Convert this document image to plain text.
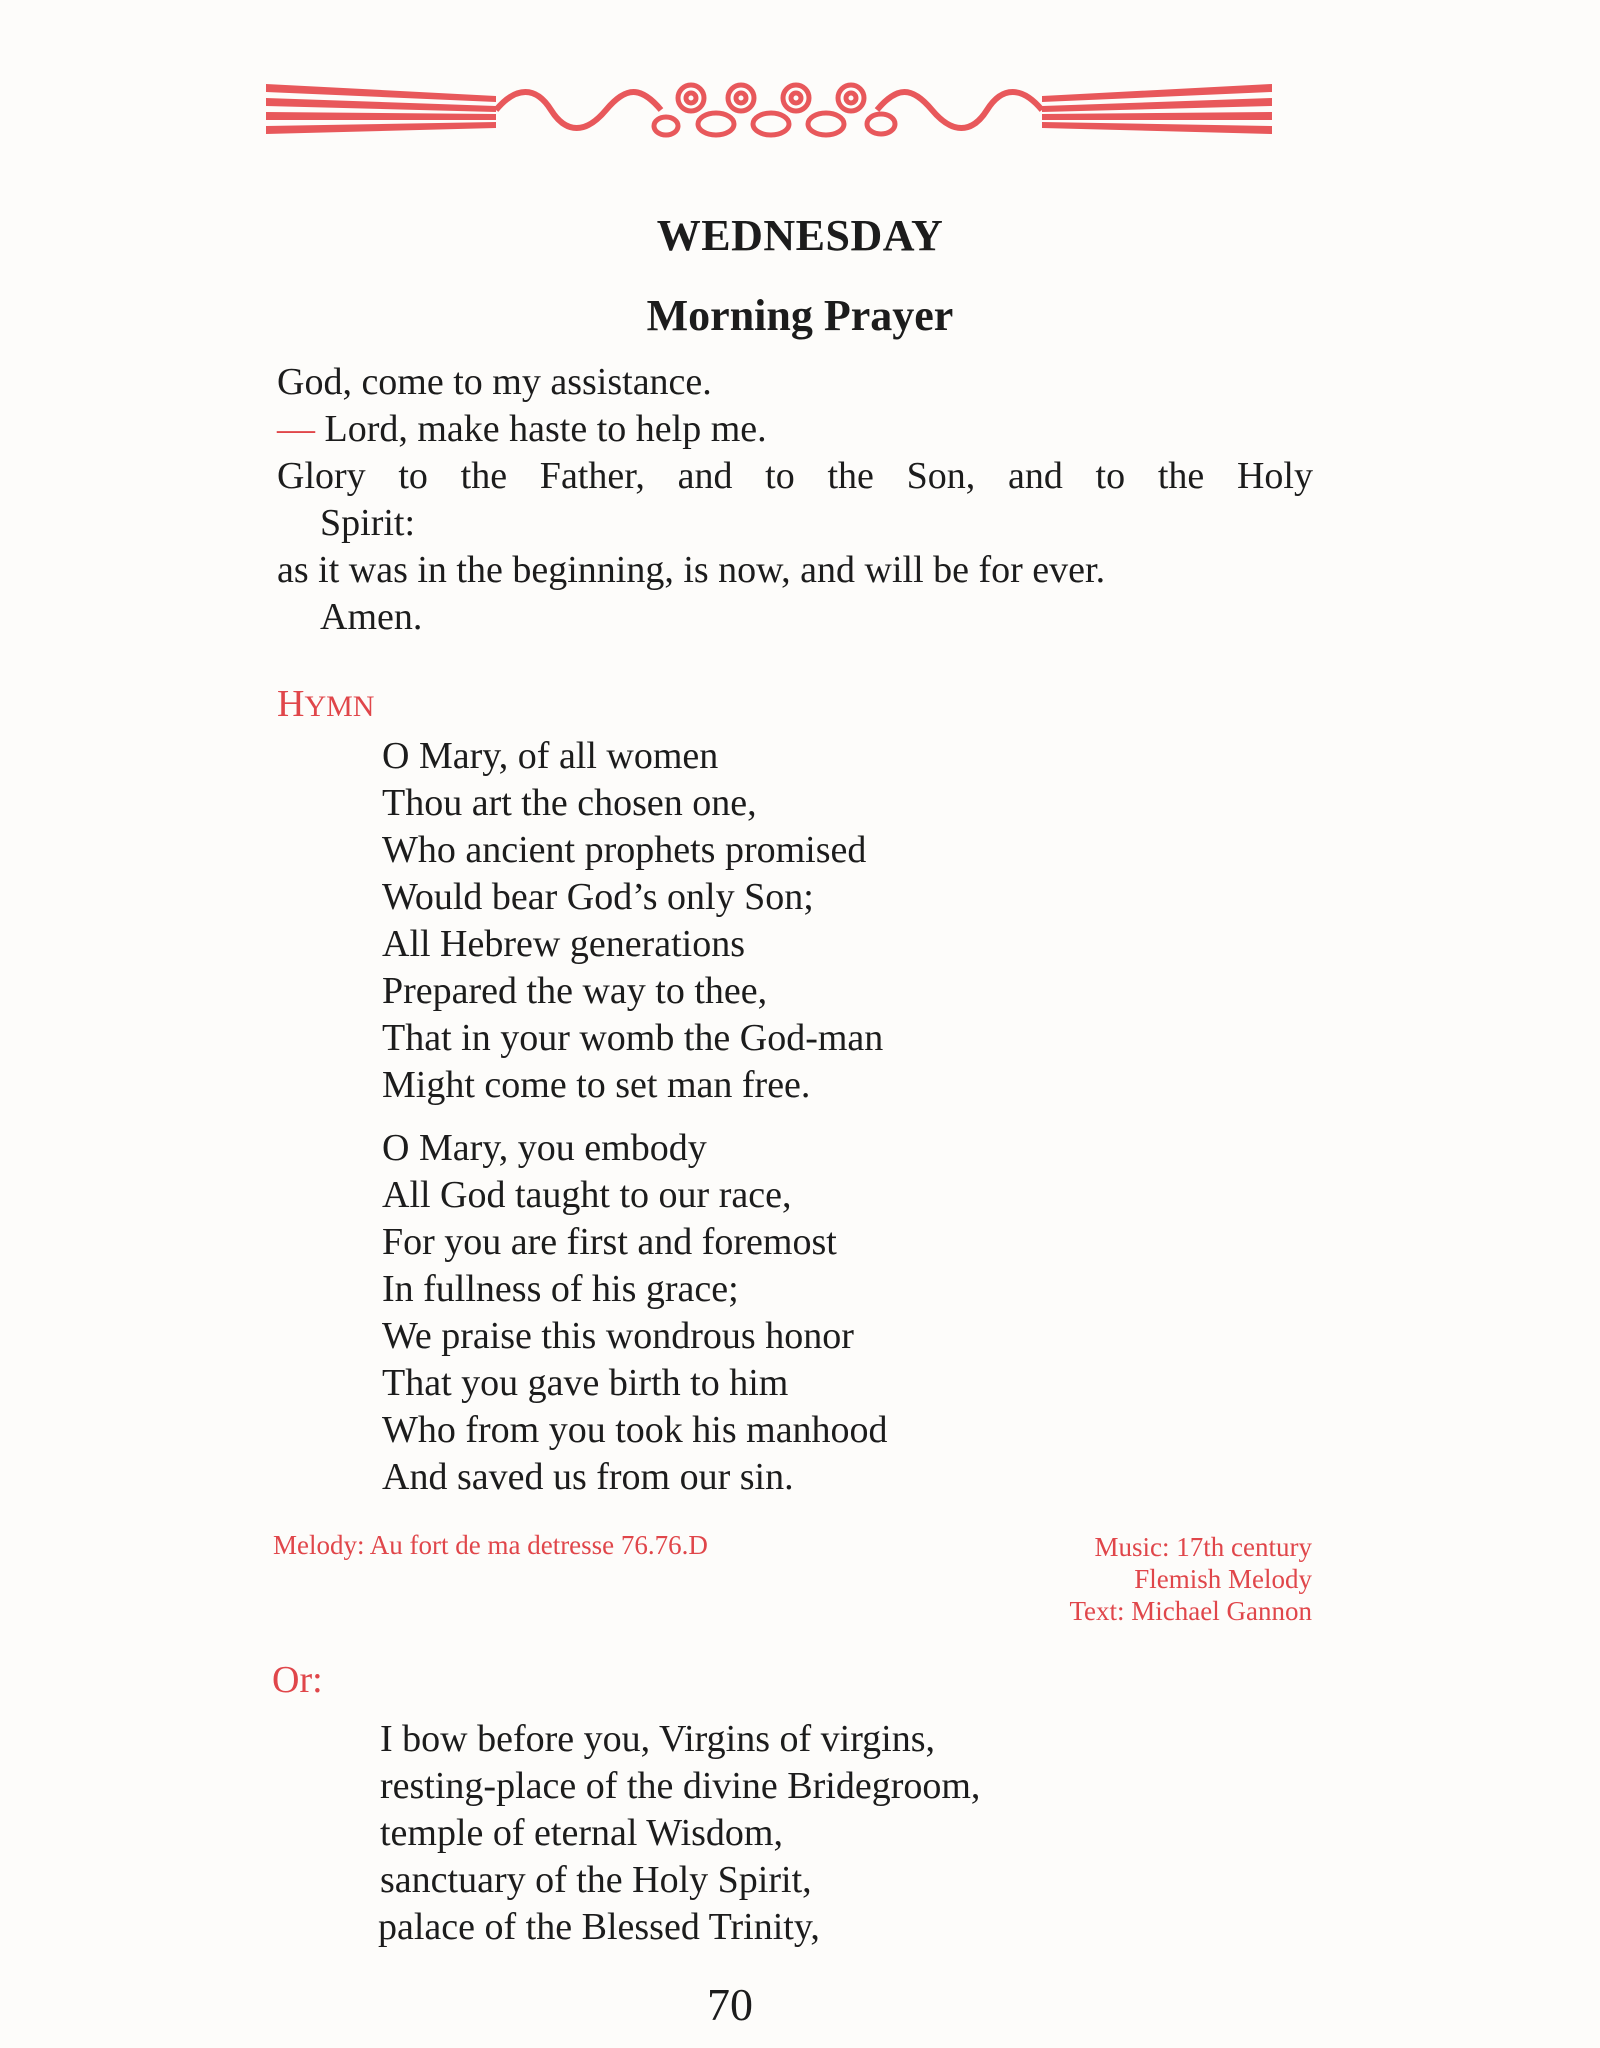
WEDNESDAY
Morning Prayer
God, come to my assistance.
— Lord, make haste to help me.
Glory to the Father, and to the Son, and to the Holy
Spirit:
as it was in the beginning, is now, and will be for ever.
Amen.
HYMN
O Mary, of all women
Thou art the chosen one,
Who ancient prophets promised
Would bear God’s only Son;
All Hebrew generations
Prepared the way to thee,
That in your womb the God-man
Might come to set man free.
O Mary, you embody
All God taught to our race,
For you are first and foremost
In fullness of his grace;
We praise this wondrous honor
That you gave birth to him
Who from you took his manhood
And saved us from our sin.
Melody: Au fort de ma detresse 76.76.D	Music: 17th century
Flemish Melody
Text: Michael Gannon
Or:
I bow before you, Virgins of virgins,
resting-place of the divine Bridegroom,
temple of eternal Wisdom,
sanctuary of the Holy Spirit,
palace of the Blessed Trinity,
70
